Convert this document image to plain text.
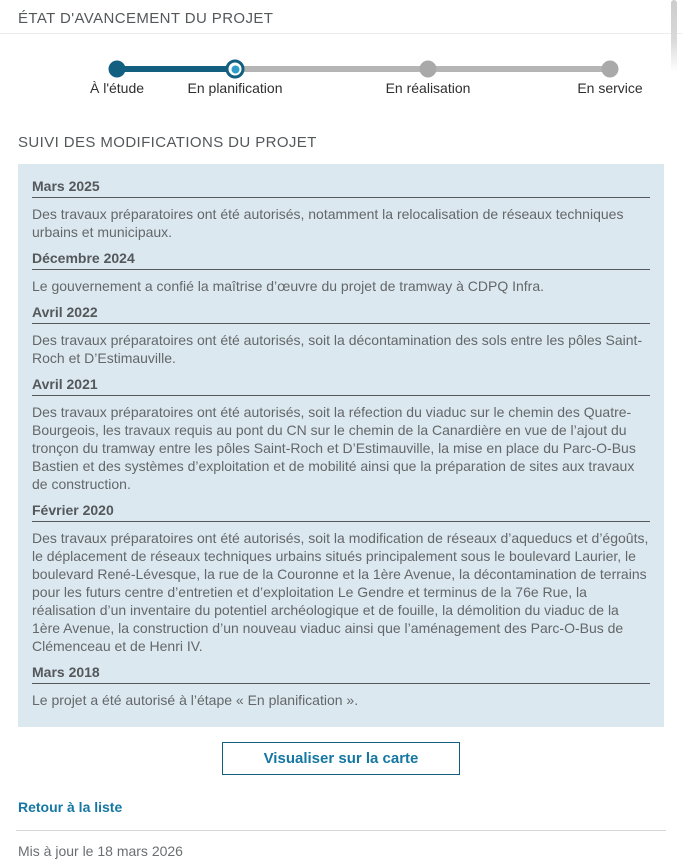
ÉTAT D'AVANCEMENT DU PROJET
À l'étude	En planification	En réalisation	En service
SUIVI DES MODIFICATIONS DU PROJET
Mars 2025

Des travaux préparatoires ont été autorisés, notamment la relocalisation de réseaux techniques urbains et municipaux.

Décembre 2024

Le gouvernement a confié la maîtrise d’œuvre du projet de tramway à CDPQ Infra.

Avril 2022

Des travaux préparatoires ont été autorisés, soit la décontamination des sols entre les pôles Saint-Roch et D’Estimauville.

Avril 2021

Des travaux préparatoires ont été autorisés, soit la réfection du viaduc sur le chemin des Quatre-Bourgeois, les travaux requis au pont du CN sur le chemin de la Canardière en vue de l’ajout du tronçon du tramway entre les pôles Saint-Roch et D’Estimauville, la mise en place du Parc-O-Bus Bastien et des systèmes d’exploitation et de mobilité ainsi que la préparation de sites aux travaux de construction.

Février 2020

Des travaux préparatoires ont été autorisés, soit la modification de réseaux d’aqueducs et d’égoûts, le déplacement de réseaux techniques urbains situés principalement sous le boulevard Laurier, le boulevard René-Lévesque, la rue de la Couronne et la 1ère Avenue, la décontamination de terrains pour les futurs centre d’entretien et d’exploitation Le Gendre et terminus de la 76e Rue, la réalisation d’un inventaire du potentiel archéologique et de fouille, la démolition du viaduc de la 1ère Avenue, la construction d’un nouveau viaduc ainsi que l’aménagement des Parc-O-Bus de Clémenceau et de Henri IV.

Mars 2018

Le projet a été autorisé à l’étape « En planification ».

Visualiser sur la carte
Retour à la liste
Mis à jour le 18 mars 2026
